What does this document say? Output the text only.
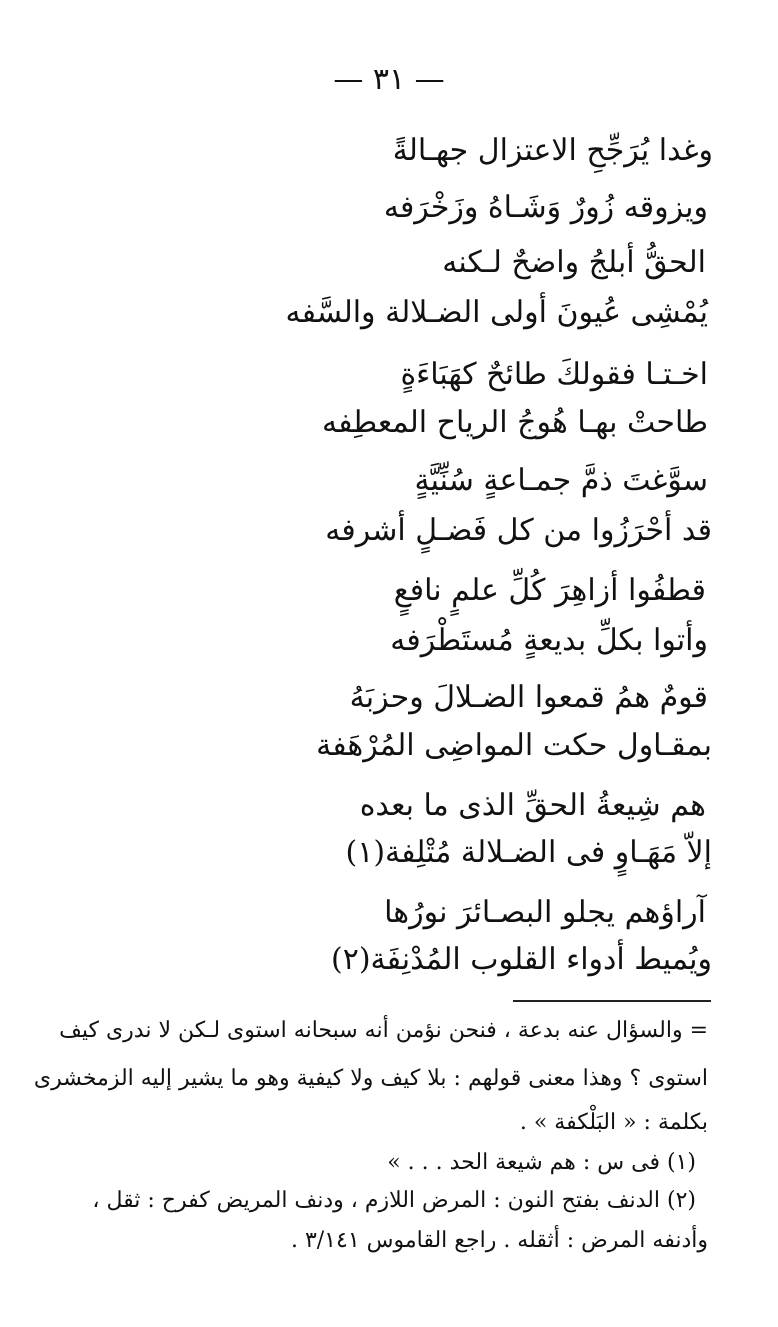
— ٣١ —
وغدا يُرَجِّحِ الاعتزال جهـالةً
ويزوقه زُورٌ وَشَـاهُ وزَخْرَفه
الحقُّ أبلجُ واضحٌ لـكنه
يُمْشِى عُيونَ أولى الضـلالة والسَّفه
اخـتـا فقولكَ طائحٌ كهَبَاءَةٍ
طاحتْ بهـا هُوجُ الرياح المعطِفه
سوَّغتَ ذمَّ جمـاعةٍ سُنِّيَّةٍ
قد أحْرَزُوا من كل فَضـلٍ أشرفه
قطفُوا أزاهِرَ كُلِّ علمٍ نافعٍ
وأتوا بكلِّ بديعةٍ مُستَطْرَفه
قومٌ همُ قمعوا الضـلالَ وحزبَهُ
بمقـاول حكت المواضِى المُرْهَفة
هم شِيعةُ الحقِّ الذى ما بعده
إلاّ مَهَـاوٍ فى الضـلالة مُتْلِفة(١)
آراؤهم يجلو البصـائرَ نورُها
ويُميط أدواء القلوب المُدْنِفَة(٢)
= والسؤال عنه بدعة ، فنحن نؤمن أنه سبحانه استوى لـكن لا ندرى كيف
استوى ؟ وهذا معنى قولهم : بلا كيف ولا كيفية وهو ما يشير إليه الزمخشرى
بكلمة : « البَلْكفة » .
(١) فى س : هم شيعة الحد . . . »
(٢) الدنف بفتح النون : المرض اللازم ، ودنف المريض كفرح : ثقل ،
وأدنفه المرض : أثقله . راجع القاموس ٣/١٤١ .
